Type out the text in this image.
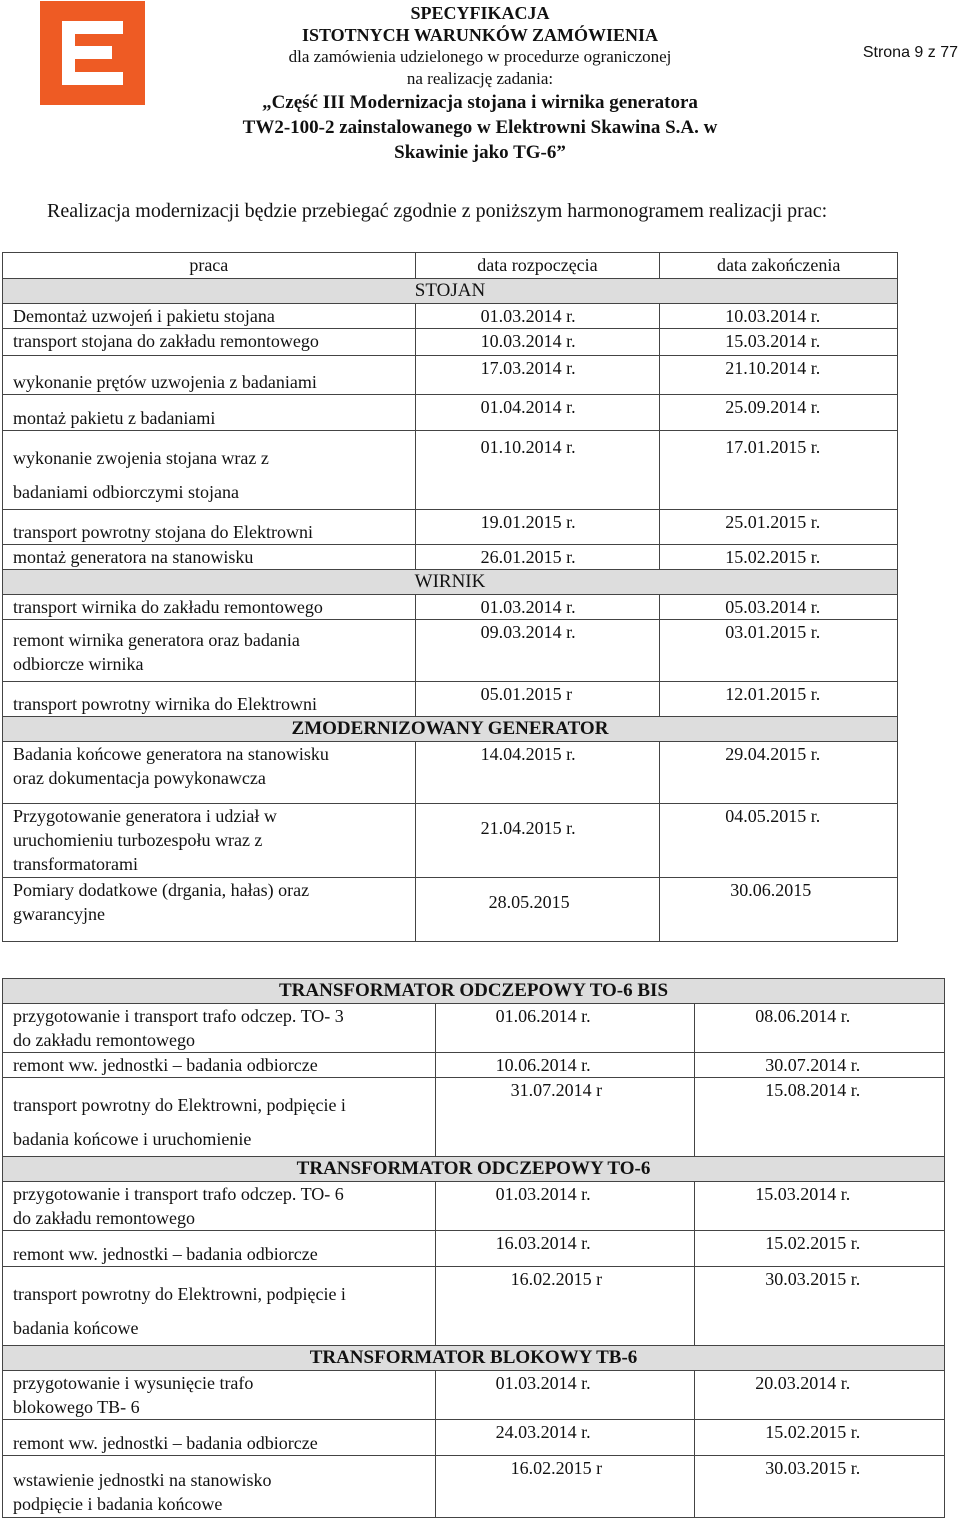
SPECYFIKACJA
ISTOTNYCH WARUNKÓW ZAMÓWIENIA
dla zamówienia udzielonego w procedurze ograniczonej
na realizację zadania:
„Część III Modernizacja stojana i wirnika generatora
TW2-100-2 zainstalowanego w Elektrowni Skawina S.A. w
Skawinie jako TG-6”
Strona 9 z 77
Realizacja modernizacji będzie przebiegać zgodnie z poniższym harmonogramem realizacji prac:
praca	data rozpoczęcia	data zakończenia
STOJAN		
Demontaż uzwojeń i pakietu stojana	01.03.2014 r.	10.03.2014 r.
transport stojana do zakładu remontowego	10.03.2014 r.	15.03.2014 r.
wykonanie prętów uzwojenia z badaniami	17.03.2014 r.	21.10.2014 r.
montaż pakietu z badaniami	01.04.2014 r.	25.09.2014 r.

wykonanie zwojenia stojana wraz z
badaniami odbiorczymi stojana	01.10.2014 r.	17.01.2015 r.
transport powrotny stojana do Elektrowni	19.01.2015 r.	25.01.2015 r.
montaż generatora na stanowisku	26.01.2015 r.	15.02.2015 r.
WIRNIK		
transport wirnika do zakładu remontowego	01.03.2014 r.	05.03.2014 r.

remont wirnika generatora oraz badania
odbiorcze wirnika	09.03.2014 r.	03.01.2015 r.
transport powrotny wirnika do Elektrowni	05.01.2015 r	12.01.2015 r.
ZMODERNIZOWANY GENERATOR		

Badania końcowe generatora na stanowisku
oraz dokumentacja powykonawcza	14.04.2015 r.	29.04.2015 r.

Przygotowanie generatora i udział w
uruchomieniu turbozespołu wraz z
transformatorami	21.04.2015 r.	04.05.2015 r.

Pomiary dodatkowe (drgania, hałas) oraz
gwarancyjne	28.05.2015	30.06.2015
TRANSFORMATOR ODCZEPOWY TO-6 BIS		

przygotowanie i transport trafo odczep. TO- 3
do zakładu remontowego	01.06.2014 r.	08.06.2014 r.
remont ww. jednostki – badania odbiorcze	10.06.2014 r.	30.07.2014 r.

transport powrotny do Elektrowni, podpięcie i
badania końcowe i uruchomienie	31.07.2014 r	15.08.2014 r.
TRANSFORMATOR ODCZEPOWY TO-6		

przygotowanie i transport trafo odczep. TO- 6
do zakładu remontowego	01.03.2014 r.	15.03.2014 r.
remont ww. jednostki – badania odbiorcze	16.03.2014 r.	15.02.2015 r.

transport powrotny do Elektrowni, podpięcie i
badania końcowe	16.02.2015 r	30.03.2015 r.
TRANSFORMATOR BLOKOWY TB-6		

przygotowanie i wysunięcie trafo
blokowego TB- 6	01.03.2014 r.	20.03.2014 r.
remont ww. jednostki – badania odbiorcze	24.03.2014 r.	15.02.2015 r.

wstawienie jednostki na stanowisko
podpięcie i badania końcowe	16.02.2015 r	30.03.2015 r.
